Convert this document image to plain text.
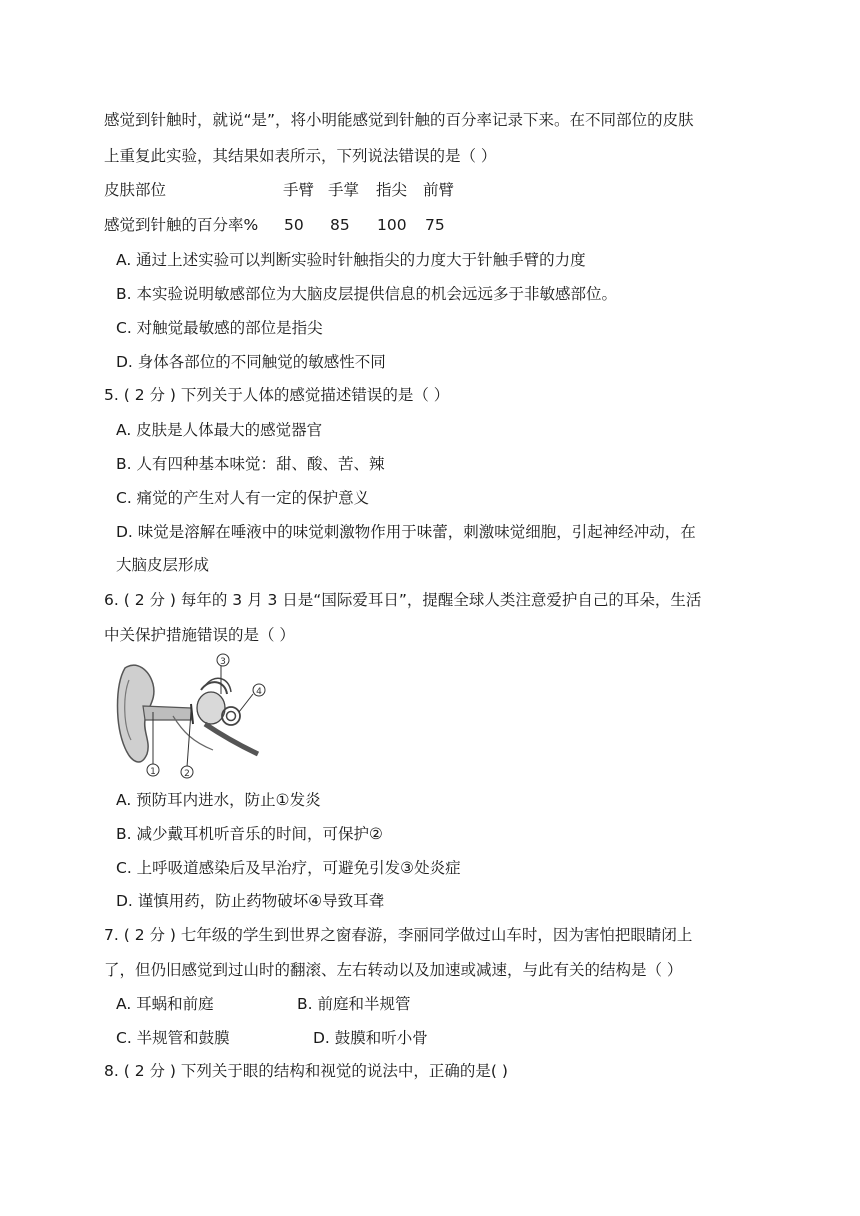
感觉到针触时，就说“是”，将小明能感觉到针触的百分率记录下来。在不同部位的皮肤
上重复此实验，其结果如表所示，下列说法错误的是（ ）
皮肤部位	手臂 手掌 指尖 前臂
感觉到针触的百分率% 50 85 100 75
A. 通过上述实验可以判断实验时针触指尖的力度大于针触手臂的力度
B. 本实验说明敏感部位为大脑皮层提供信息的机会远远多于非敏感部位。
C. 对触觉最敏感的部位是指尖
D. 身体各部位的不同触觉的敏感性不同
5. ( 2 分 ) 下列关于人体的感觉描述错误的是（ ）
A. 皮肤是人体最大的感觉器官
B. 人有四种基本味觉：甜、酸、苦、辣
C. 痛觉的产生对人有一定的保护意义
D. 味觉是溶解在唾液中的味觉刺激物作用于味蕾，刺激味觉细胞，引起神经冲动，在
大脑皮层形成
6. ( 2 分 ) 每年的 3 月 3 日是“国际爱耳日”，提醒全球人类注意爱护自己的耳朵，生活
中关保护措施错误的是（ ）
1	2
3
4
A. 预防耳内进水，防止①发炎
B. 减少戴耳机听音乐的时间，可保护②
C. 上呼吸道感染后及早治疗，可避免引发③处炎症
D. 谨慎用药，防止药物破坏④导致耳聋
7. ( 2 分 ) 七年级的学生到世界之窗春游，李丽同学做过山车时，因为害怕把眼睛闭上
了，但仍旧感觉到过山时的翻滚、左右转动以及加速或减速，与此有关的结构是（ ）
A. 耳蜗和前庭	B. 前庭和半规管
C. 半规管和鼓膜	D. 鼓膜和听小骨
8. ( 2 分 ) 下列关于眼的结构和视觉的说法中，正确的是( )
